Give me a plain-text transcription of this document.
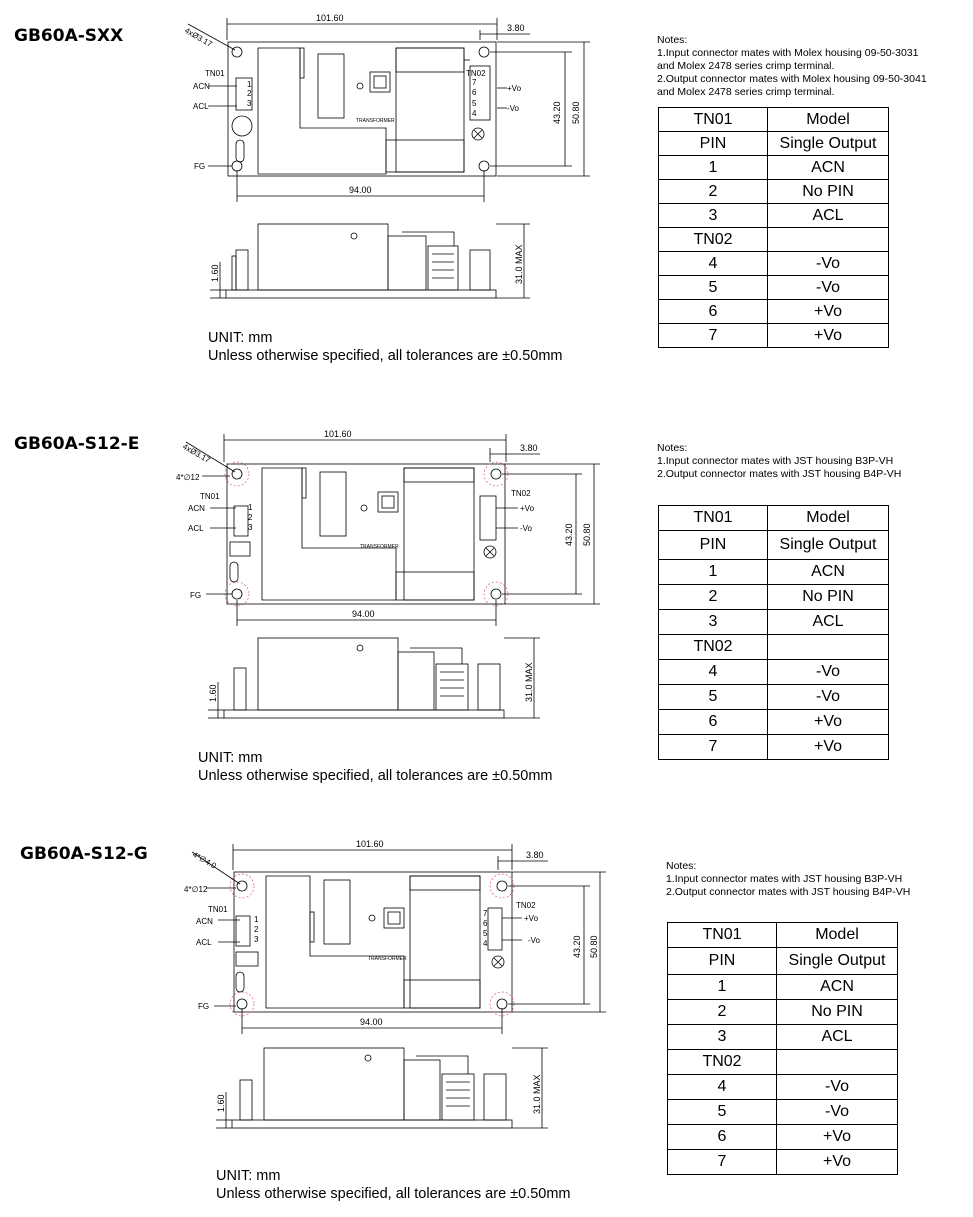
GB60A-SXX
101.60
3.80
4xØ3.17
TN01
ACN
ACL
FG
1
2
3
TN02
7
6
5
4
+Vo
-Vo
TRANSFORMER
94.00
43.20 50.80
1.60	31.0 MAX
UNIT: mm
Unless otherwise specified, all tolerances are ±0.50mm
Notes:
1.Input connector mates with Molex housing 09-50-3031
and Molex 2478 series crimp terminal.
2.Output connector mates with Molex housing 09-50-3041
and Molex 2478 series crimp terminal.
TN01	Model
PIN	Single Output
1	ACN
2	No PIN
3	ACL
TN02	
4	-Vo
5	-Vo
6	+Vo
7	+Vo
GB60A-S12-E	101.60
3.80
4xØ3.17
4*∅12
TN01
ACN
ACL
FG
1
2
3
TN02
+Vo
-Vo
TRANSFORMER
94.00
43.20 50.80
1.60	31.0 MAX
UNIT: mm
Unless otherwise specified, all tolerances are ±0.50mm
Notes:
1.Input connector mates with JST housing B3P-VH
2.Output connector mates with JST housing B4P-VH
TN01	Model
PIN	Single Output
1	ACN
2	No PIN
3	ACL
TN02	
4	-Vo
5	-Vo
6	+Vo
7	+Vo
GB60A-S12-G	101.60
3.80
4*∅4.0
4*∅12
TN01
ACN
ACL
FG
1
2
3
TN02
7
6
5
4
+Vo
-Vo
TRANSFORMER
94.00
43.20 50.80
1.60	31.0 MAX
UNIT: mm
Unless otherwise specified, all tolerances are ±0.50mm
Notes:
1.Input connector mates with JST housing B3P-VH
2.Output connector mates with JST housing B4P-VH
TN01	Model
PIN	Single Output
1	ACN
2	No PIN
3	ACL
TN02	
4	-Vo
5	-Vo
6	+Vo
7	+Vo
